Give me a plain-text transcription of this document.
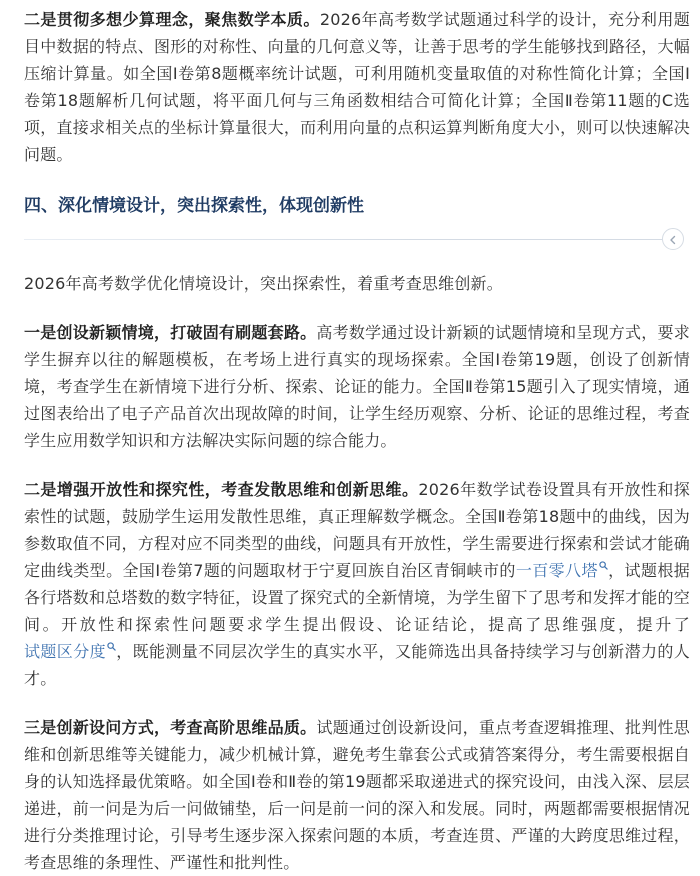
二是贯彻多想少算理念，聚焦数学本质。2026年高考数学试题通过科学的设计，充分利用题目中数据的特点、图形的对称性、向量的几何意义等，让善于思考的学生能够找到路径，大幅压缩计算量。如全国Ⅰ卷第8题概率统计试题，可利用随机变量取值的对称性简化计算；全国Ⅰ卷第18题解析几何试题，将平面几何与三角函数相结合可简化计算；全国Ⅱ卷第11题的C选项，直接求相关点的坐标计算量很大，而利用向量的点积运算判断角度大小，则可以快速解决问题。

四、深化情境设计，突出探索性，体现创新性

2026年高考数学优化情境设计，突出探索性，着重考查思维创新。

一是创设新颖情境，打破固有刷题套路。高考数学通过设计新颖的试题情境和呈现方式，要求学生摒弃以往的解题模板，在考场上进行真实的现场探索。全国Ⅰ卷第19题，创设了创新情境，考查学生在新情境下进行分析、探索、论证的能力。全国Ⅱ卷第15题引入了现实情境，通过图表给出了电子产品首次出现故障的时间，让学生经历观察、分析、论证的思维过程，考查学生应用数学知识和方法解决实际问题的综合能力。

二是增强开放性和探究性，考查发散思维和创新思维。2026年数学试卷设置具有开放性和探索性的试题，鼓励学生运用发散性思维，真正理解数学概念。全国Ⅱ卷第18题中的曲线，因为参数取值不同，方程对应不同类型的曲线，问题具有开放性，学生需要进行探索和尝试才能确定曲线类型。全国Ⅰ卷第7题的问题取材于宁夏回族自治区青铜峡市的一百零八塔 ，试题根据各行塔数和总塔数的数字特征，设置了探究式的全新情境，为学生留下了思考和发挥才能的空间。开放性和探索性问题要求学生提出假设、论证结论，提高了思维强度，提升了试题区分度 ，既能测量不同层次学生的真实水平，又能筛选出具备持续学习与创新潜力的人才。

三是创新设问方式，考查高阶思维品质。试题通过创设新设问，重点考查逻辑推理、批判性思维和创新思维等关键能力，减少机械计算，避免考生靠套公式或猜答案得分，考生需要根据自身的认知选择最优策略。如全国Ⅰ卷和Ⅱ卷的第19题都采取递进式的探究设问，由浅入深、层层递进，前一问是为后一问做铺垫，后一问是前一问的深入和发展。同时，两题都需要根据情况进行分类推理讨论，引导考生逐步深入探索问题的本质，考查连贯、严谨的大跨度思维过程，考查思维的条理性、严谨性和批判性。
